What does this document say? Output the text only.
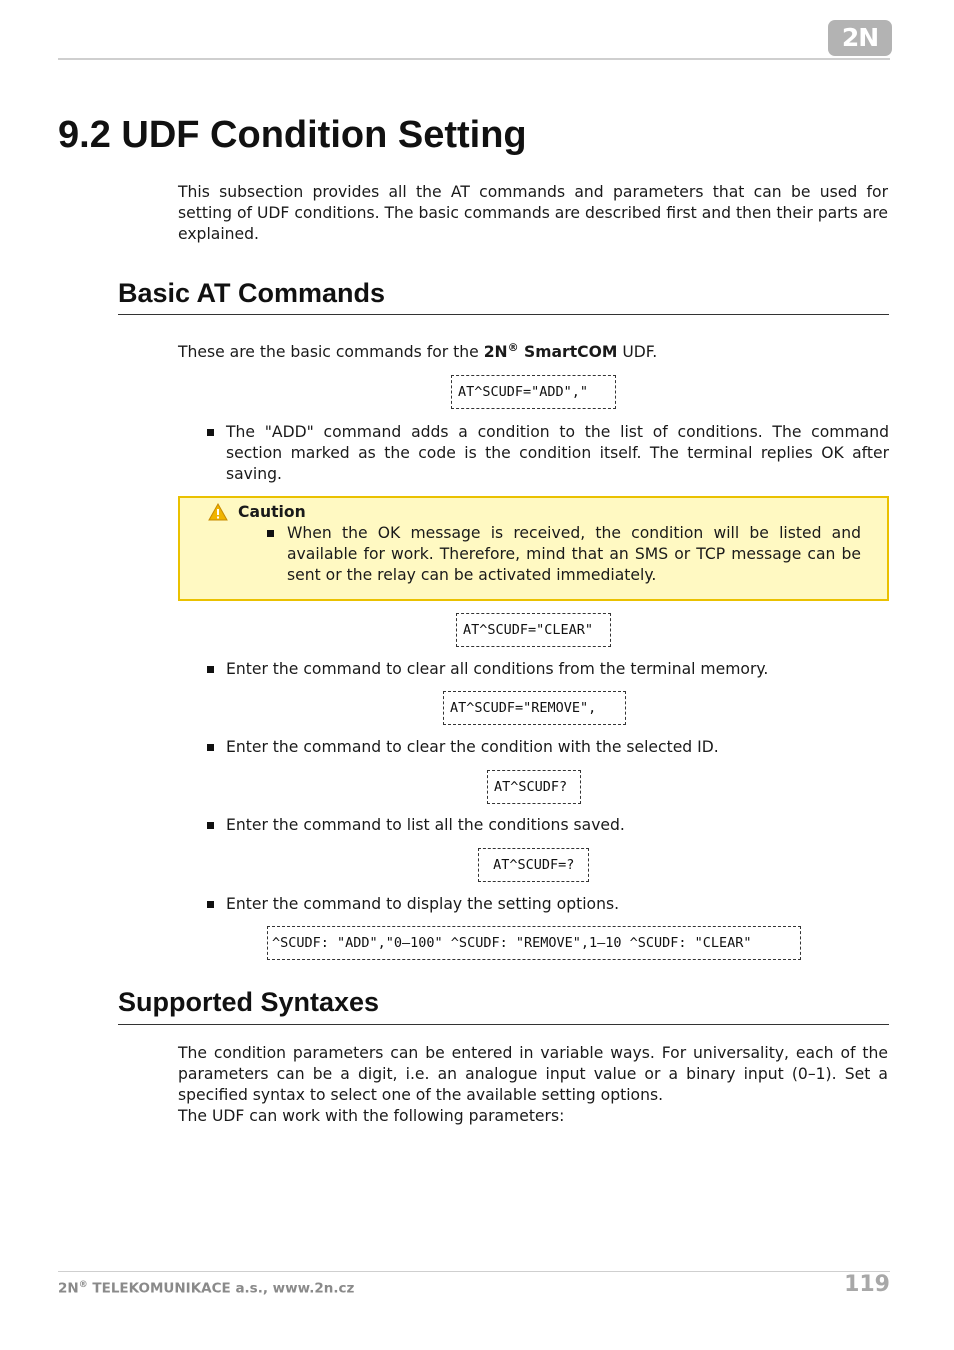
2N
9.2 UDF Condition Setting

This subsection provides all the AT commands and parameters that can be used for setting of UDF conditions. The basic commands are described first and then their parts are explained.

Basic AT Commands

These are the basic commands for the 2N® SmartCOM UDF.

AT^SCUDF="ADD","
The "ADD" command adds a condition to the list of conditions. The command section marked as the code is the condition itself. The terminal replies OK after saving.
Caution
When the OK message is received, the condition will be listed and available for work. Therefore, mind that an SMS or TCP message can be sent or the relay can be activated immediately.
AT^SCUDF="CLEAR"
Enter the command to clear all conditions from the terminal memory.
AT^SCUDF="REMOVE",
Enter the command to clear the condition with the selected ID.
AT^SCUDF?
Enter the command to list all the conditions saved.
AT^SCUDF=?
Enter the command to display the setting options.
^SCUDF: "ADD","0–100" ^SCUDF: "REMOVE",1–10 ^SCUDF: "CLEAR"
Supported Syntaxes

The condition parameters can be entered in variable ways. For universality, each of the parameters can be a digit, i.e. an analogue input value or a binary input (0–1). Set a specified syntax to select one of the available setting options.

The UDF can work with the following parameters:

2N® TELEKOMUNIKACE a.s., www.2n.cz	119
